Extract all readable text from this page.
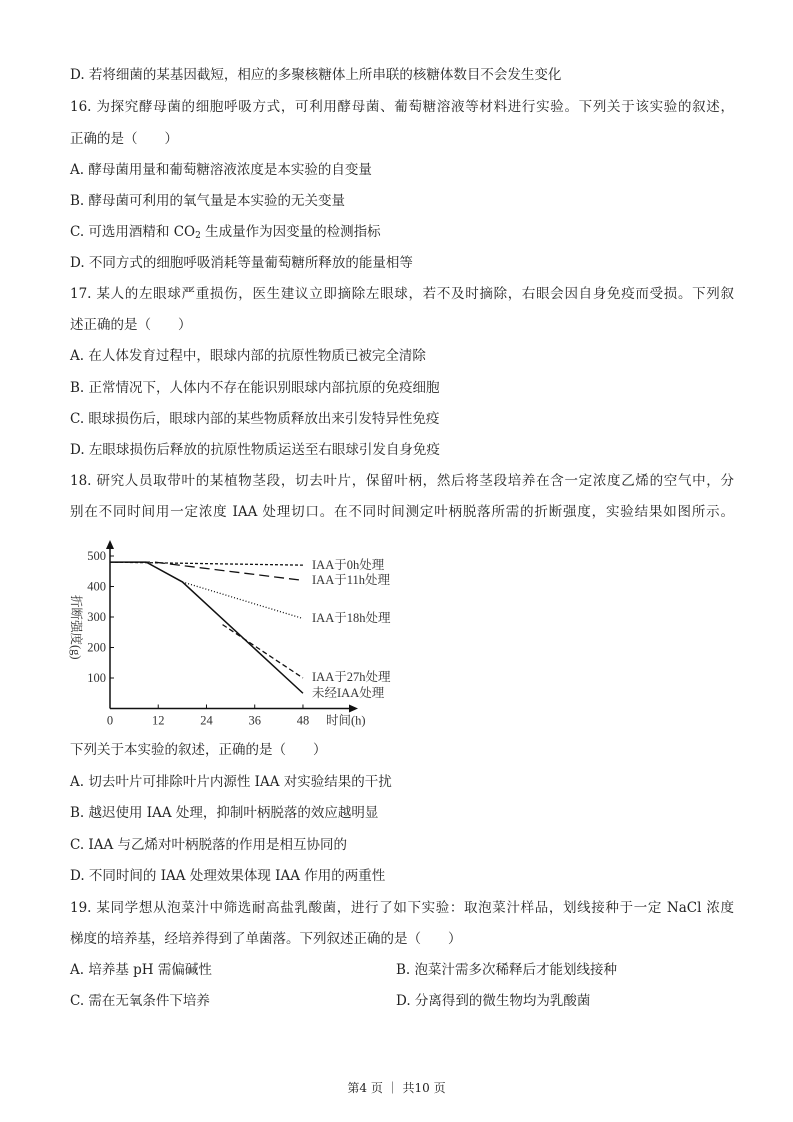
D. 若将细菌的某基因截短，相应的多聚核糖体上所串联的核糖体数目不会发生变化
16. 为探究酵母菌的细胞呼吸方式，可利用酵母菌、葡萄糖溶液等材料进行实验。下列关于该实验的叙述，
正确的是（　　）
A. 酵母菌用量和葡萄糖溶液浓度是本实验的自变量
B. 酵母菌可利用的氧气量是本实验的无关变量
C. 可选用酒精和 $CO_2$ 生成量作为因变量的检测指标
D. 不同方式的细胞呼吸消耗等量葡萄糖所释放的能量相等
17. 某人的左眼球严重损伤，医生建议立即摘除左眼球，若不及时摘除，右眼会因自身免疫而受损。下列叙
述正确的是（　　）
A. 在人体发育过程中，眼球内部的抗原性物质已被完全清除
B. 正常情况下，人体内不存在能识别眼球内部抗原的免疫细胞
C. 眼球损伤后，眼球内部的某些物质释放出来引发特异性免疫
D. 左眼球损伤后释放的抗原性物质运送至右眼球引发自身免疫
18. 研究人员取带叶的某植物茎段，切去叶片，保留叶柄，然后将茎段培养在含一定浓度乙烯的空气中，分
别在不同时间用一定浓度 IAA 处理切口。在不同时间测定叶柄脱落所需的折断强度，实验结果如图所示。
0	12	24	36	48
100
200
300
400
500
时间(h)
折断强度(g)
IAA于0h处理
IAA于11h处理
IAA于18h处理
IAA于27h处理
未经IAA处理
下列关于本实验的叙述，正确的是（　　）
A. 切去叶片可排除叶片内源性 IAA 对实验结果的干扰
B. 越迟使用 IAA 处理，抑制叶柄脱落的效应越明显
C. IAA 与乙烯对叶柄脱落的作用是相互协同的
D. 不同时间的 IAA 处理效果体现 IAA 作用的两重性
19. 某同学想从泡菜汁中筛选耐高盐乳酸菌，进行了如下实验：取泡菜汁样品，划线接种于一定 NaCl 浓度
梯度的培养基，经培养得到了单菌落。下列叙述正确的是（　　）
A. 培养基 pH 需偏碱性	B. 泡菜汁需多次稀释后才能划线接种
C. 需在无氧条件下培养	D. 分离得到的微生物均为乳酸菌
第4 页 ｜ 共10 页
